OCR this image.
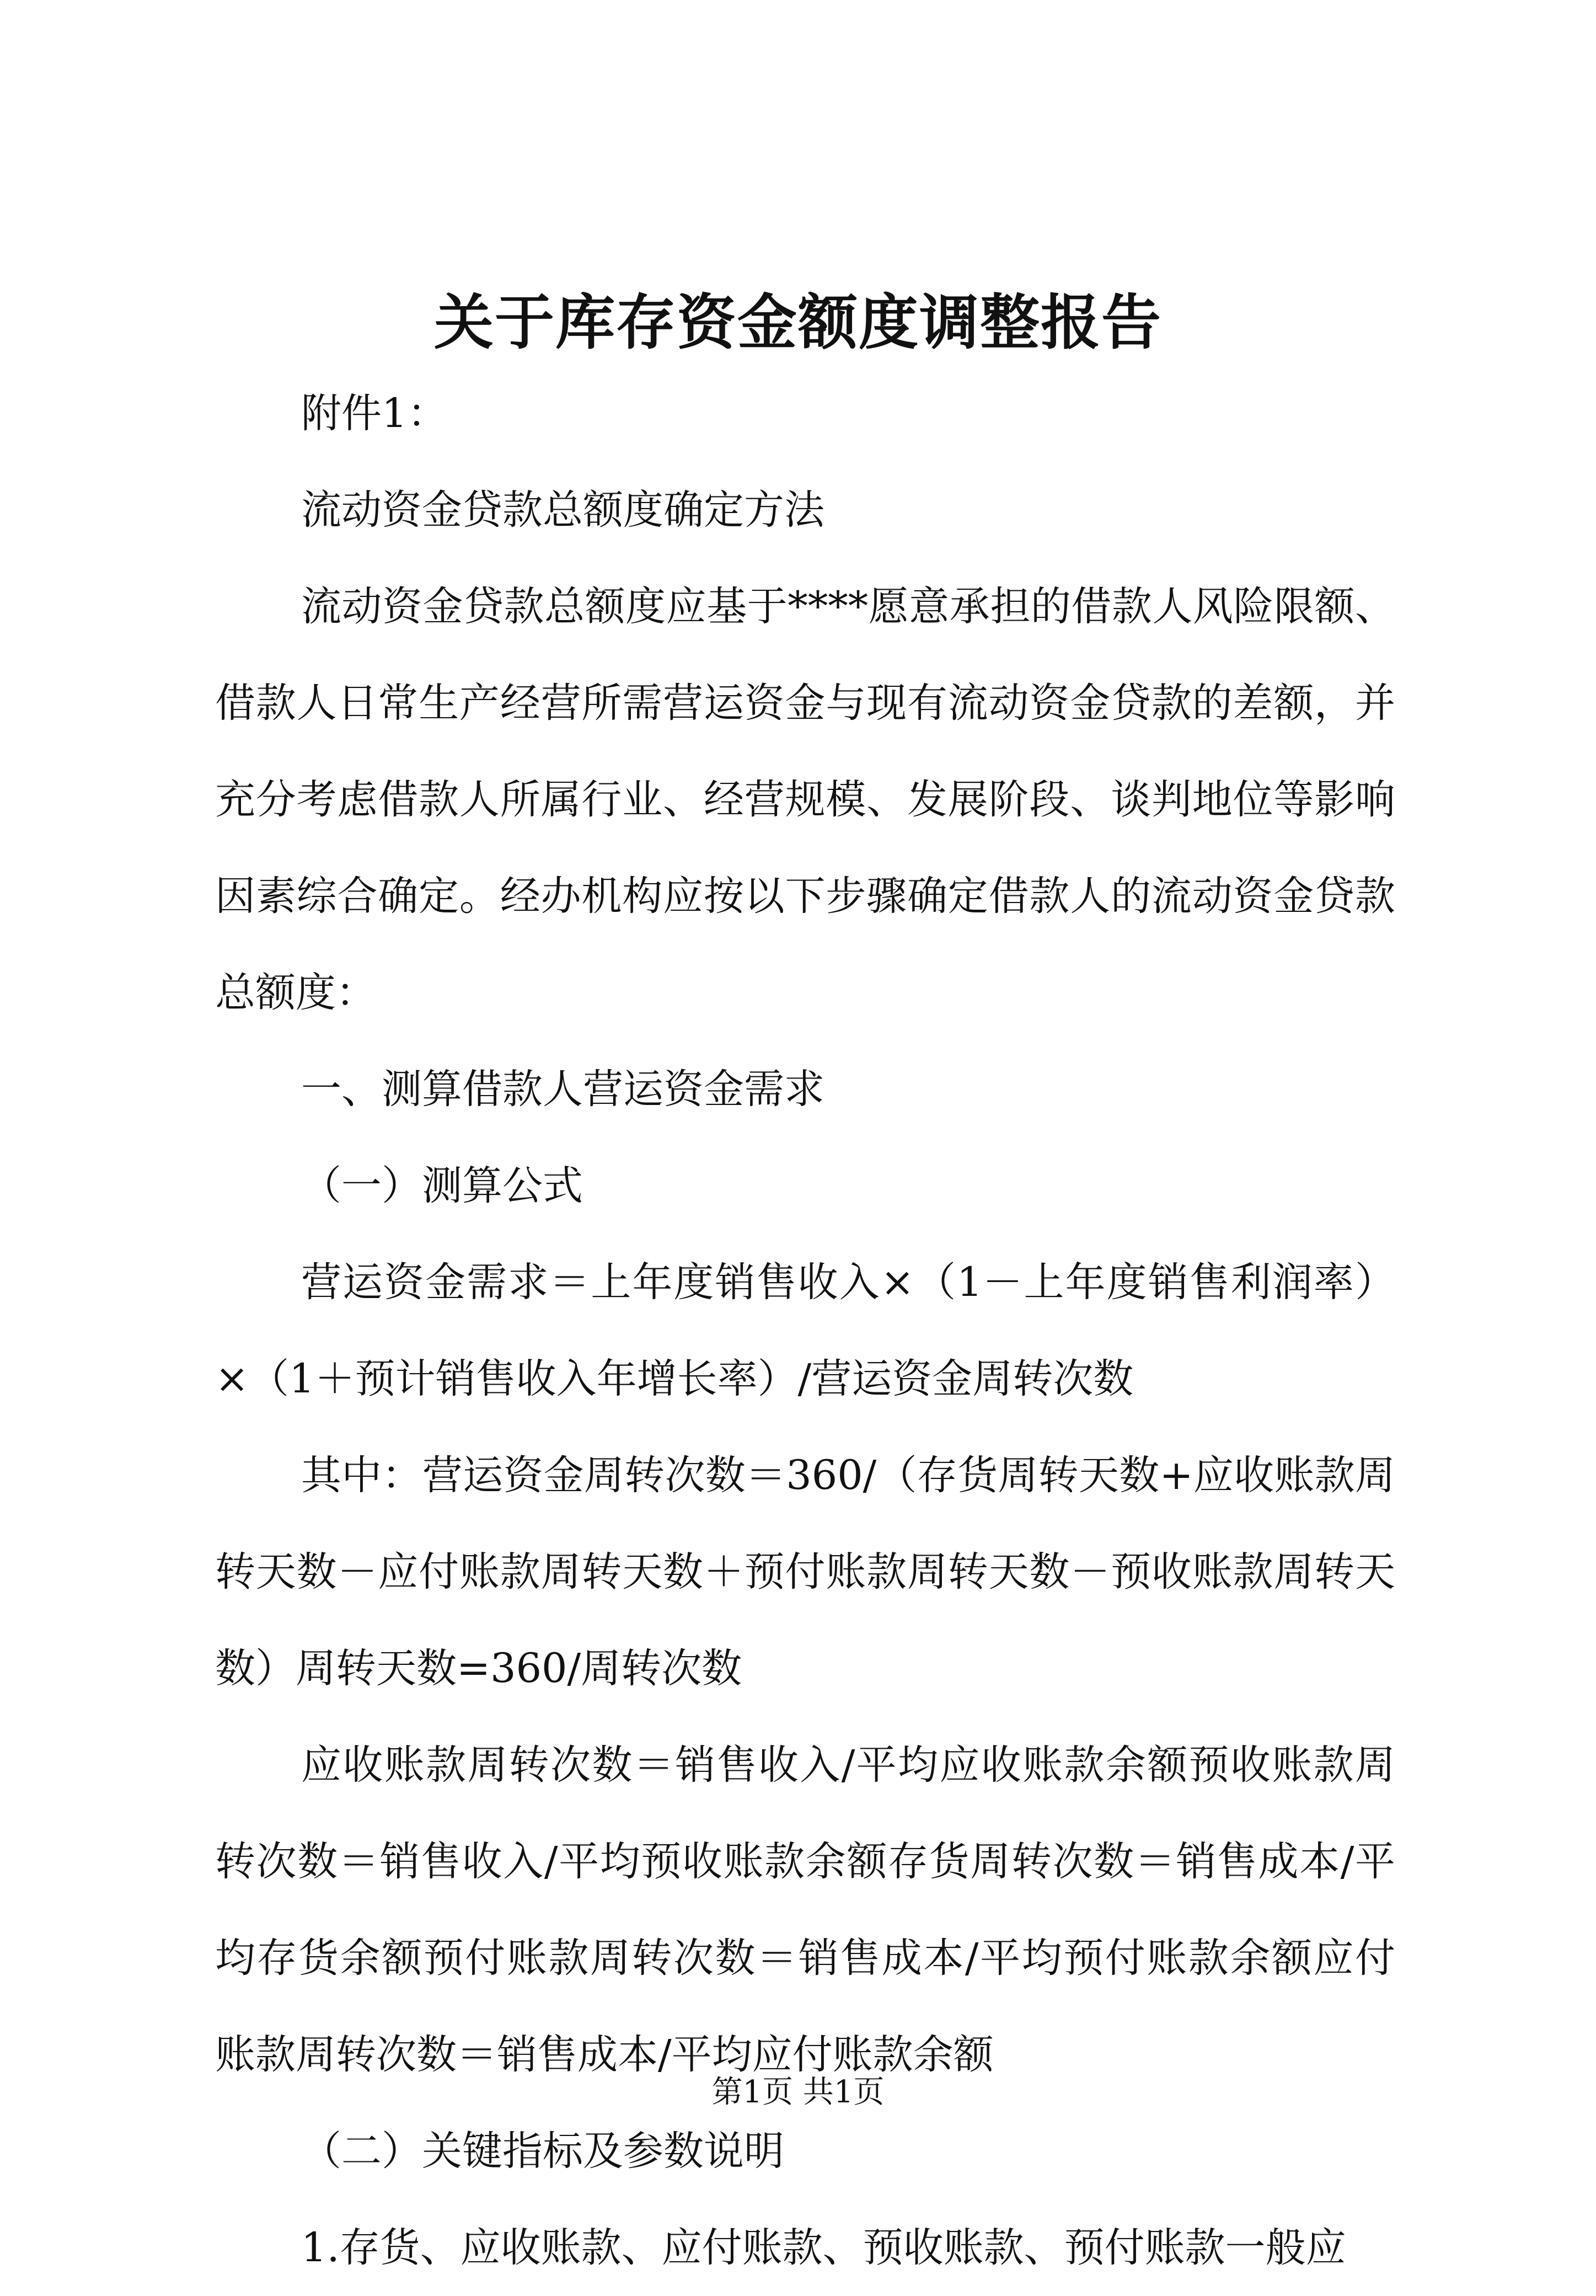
关于库存资金额度调整报告

附件1：

流动资金贷款总额度确定方法

流动资金贷款总额度应基于****愿意承担的借款人风险限额、借款人日常生产经营所需营运资金与现有流动资金贷款的差额，并充分考虑借款人所属行业、经营规模、发展阶段、谈判地位等影响因素综合确定。经办机构应按以下步骤确定借款人的流动资金贷款总额度：

一、测算借款人营运资金需求

（一）测算公式

营运资金需求＝上年度销售收入×（1－上年度销售利润率）×（1＋预计销售收入年增长率）/营运资金周转次数

其中：营运资金周转次数＝360/（存货周转天数+应收账款周转天数－应付账款周转天数＋预付账款周转天数－预收账款周转天数）周转天数=360/周转次数

应收账款周转次数＝销售收入/平均应收账款余额预收账款周转次数＝销售收入/平均预收账款余额存货周转次数＝销售成本/平均存货余额预付账款周转次数＝销售成本/平均预付账款余额应付账款周转次数＝销售成本/平均应付账款余额

（二）关键指标及参数说明

1.存货、应收账款、应付账款、预收账款、预付账款一般应

第1页 共1页
